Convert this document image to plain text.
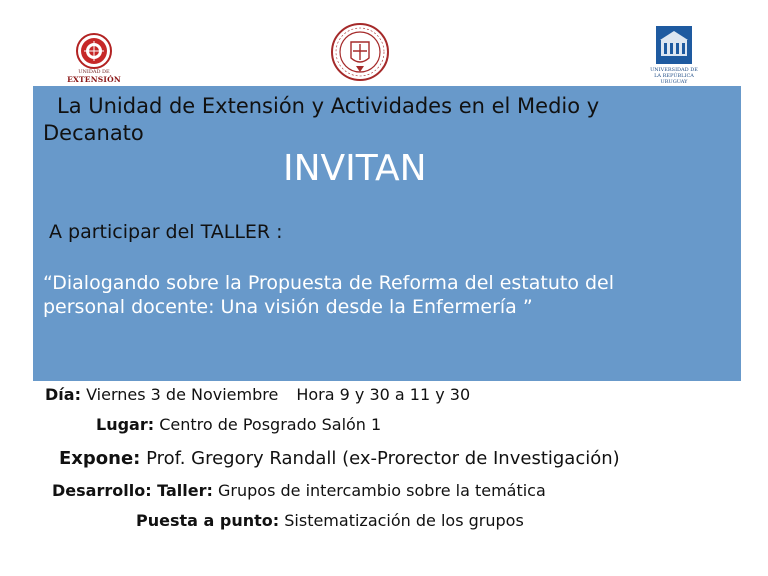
UNIDAD DE
EXTENSIÓN
UNIVERSIDAD DE LA REPÚBLICA URUGUAY
La Unidad de Extensión y Actividades en el Medio y
Decanato
INVITAN
A participar del TALLER :
“Dialogando sobre la Propuesta de Reforma del estatuto del
personal docente: Una visión desde la Enfermería ”
Día: Viernes 3 de Noviembre Hora 9 y 30 a 11 y 30
Lugar: Centro de Posgrado Salón 1
Expone: Prof. Gregory Randall (ex-Prorector de Investigación)
Desarrollo: Taller: Grupos de intercambio sobre la temática
Puesta a punto: Sistematización de los grupos
